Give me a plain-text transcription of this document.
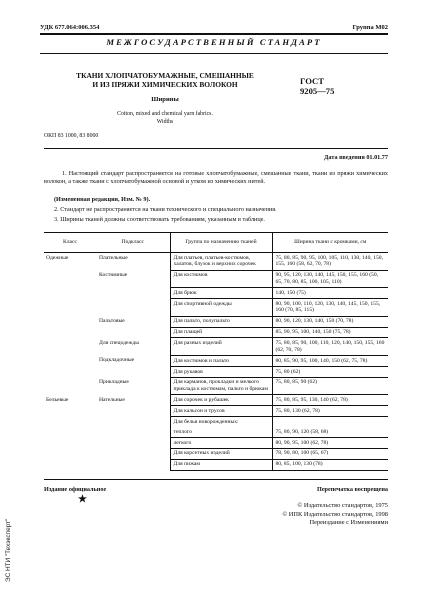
УДК 677.064:006.354	Группа М02
МЕЖГОСУДАРСТВЕННЫЙ СТАНДАРТ
ТКАНИ ХЛОПЧАТОБУМАЖНЫЕ, СМЕШАННЫЕ
И ИЗ ПРЯЖИ ХИМИЧЕСКИХ ВОЛОКОН	ГОСТ
9205—75
Ширины
Cotton, mixed and chemical yarn fabrics.
Widths
ОКП 83 1000, 83 8000
Дата введения 01.01.77
1. Настоящий стандарт распространяется на готовые хлопчатобумажные, смешанные ткани, ткани из пряжи химических волокон, а также ткани с хлопчатобумажной основой и утком из химических нитей.
(Измененная редакция, Изм. № 9).
2. Стандарт не распространяется на ткани технического и специального назначения.
3. Ширины тканей должны соответствовать требованиям, указанным в таблице.
Класс	Подкласс	Группа по назначению тканей	Ширина ткани с кромками, см
Одежные	Плательные	Для платьев, платьев-костюмов, халатов, блузок и верхних сорочек	75, 80, 85, 90, 95, 100, 105, 110, 130, 140, 150, 155, 160 (58, 62, 70, 78)
	Костюмные	Для костюмов	90, 95, 120, 130, 140, 145, 150, 155, 160 (50, 65, 70, 80, 85, 100, 105, 110)
		Для брюк	140, 150 (75)
		Для спортивной одежды	80, 90, 100, 110, 120, 130, 140, 145, 150, 155, 160 (70, 85, 115)
	Пальтовые	Для пальто, полупальто	80, 90, 120, 130, 140, 150 (70, 78)
		Для плащей	85, 90, 95, 100, 140, 150 (75, 78)
	Для спецодежды	Для разных изделий	75, 80, 85, 90, 100, 110, 120, 140, 150, 155, 160 (62, 70, 78)
	Подкладочные	Для костюмов и пальто	80, 85, 90, 95, 100, 140, 150 (62, 75, 78)
		Для рукавов	75, 80 (62)
	Прикладные	Для карманов, прокладки и мелкого приклада к костюмам, пальто и брюкам	75, 80, 85, 90 (62)
Бельевые	Нательные	Для сорочек и рубашек	75, 80, 85, 95, 130, 140 (62, 78)
		Для кальсон и трусов	75, 80, 130 (62, 78)
		Для белья новорожденных:	
		теплого	75, 80, 90, 120 (58, 68)
		легкого	80, 90, 95, 100 (62, 78)
		Для корсетных изделий	78, 90, 80, 100 (65, 67)
		Для пижам	80, 85, 100, 130 (78)
Издание официальное	Перепечатка воспрещена
★
© Издательство стандартов, 1975
© ИПК Издательство стандартов, 1998
Переиздание с Изменениями
ЭС НТИ "Техэксперт"
